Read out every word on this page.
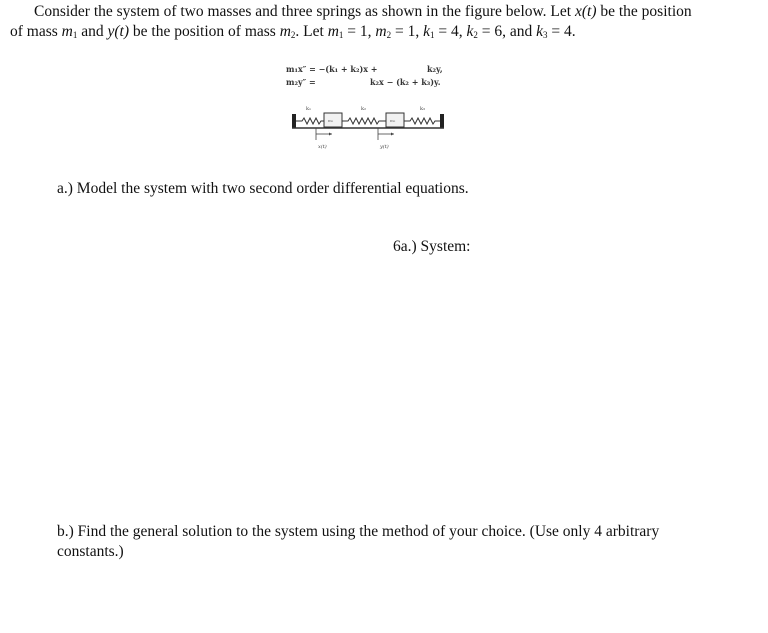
Consider the system of two masses and three springs as shown in the figure below. Let x(t) be the position
of mass $m_1$ and y(t) be the position of mass $m_2$. Let $m_1 = 1$, $m_2 = 1$, $k_1 = 4$, $k_2 = 6$, and $k_3 = 4$.
m₁x″ = −(k₁ + k₂)x +	k₂y,
m₂y″ =	k₂x − (k₂ + k₃)y.
k₁	k₂	k₃
m₁	m₂
x(t)	y(t)
a.) Model the system with two second order differential equations.
6a.) System:
b.) Find the general solution to the system using the method of your choice. (Use only 4 arbitrary constants.)
